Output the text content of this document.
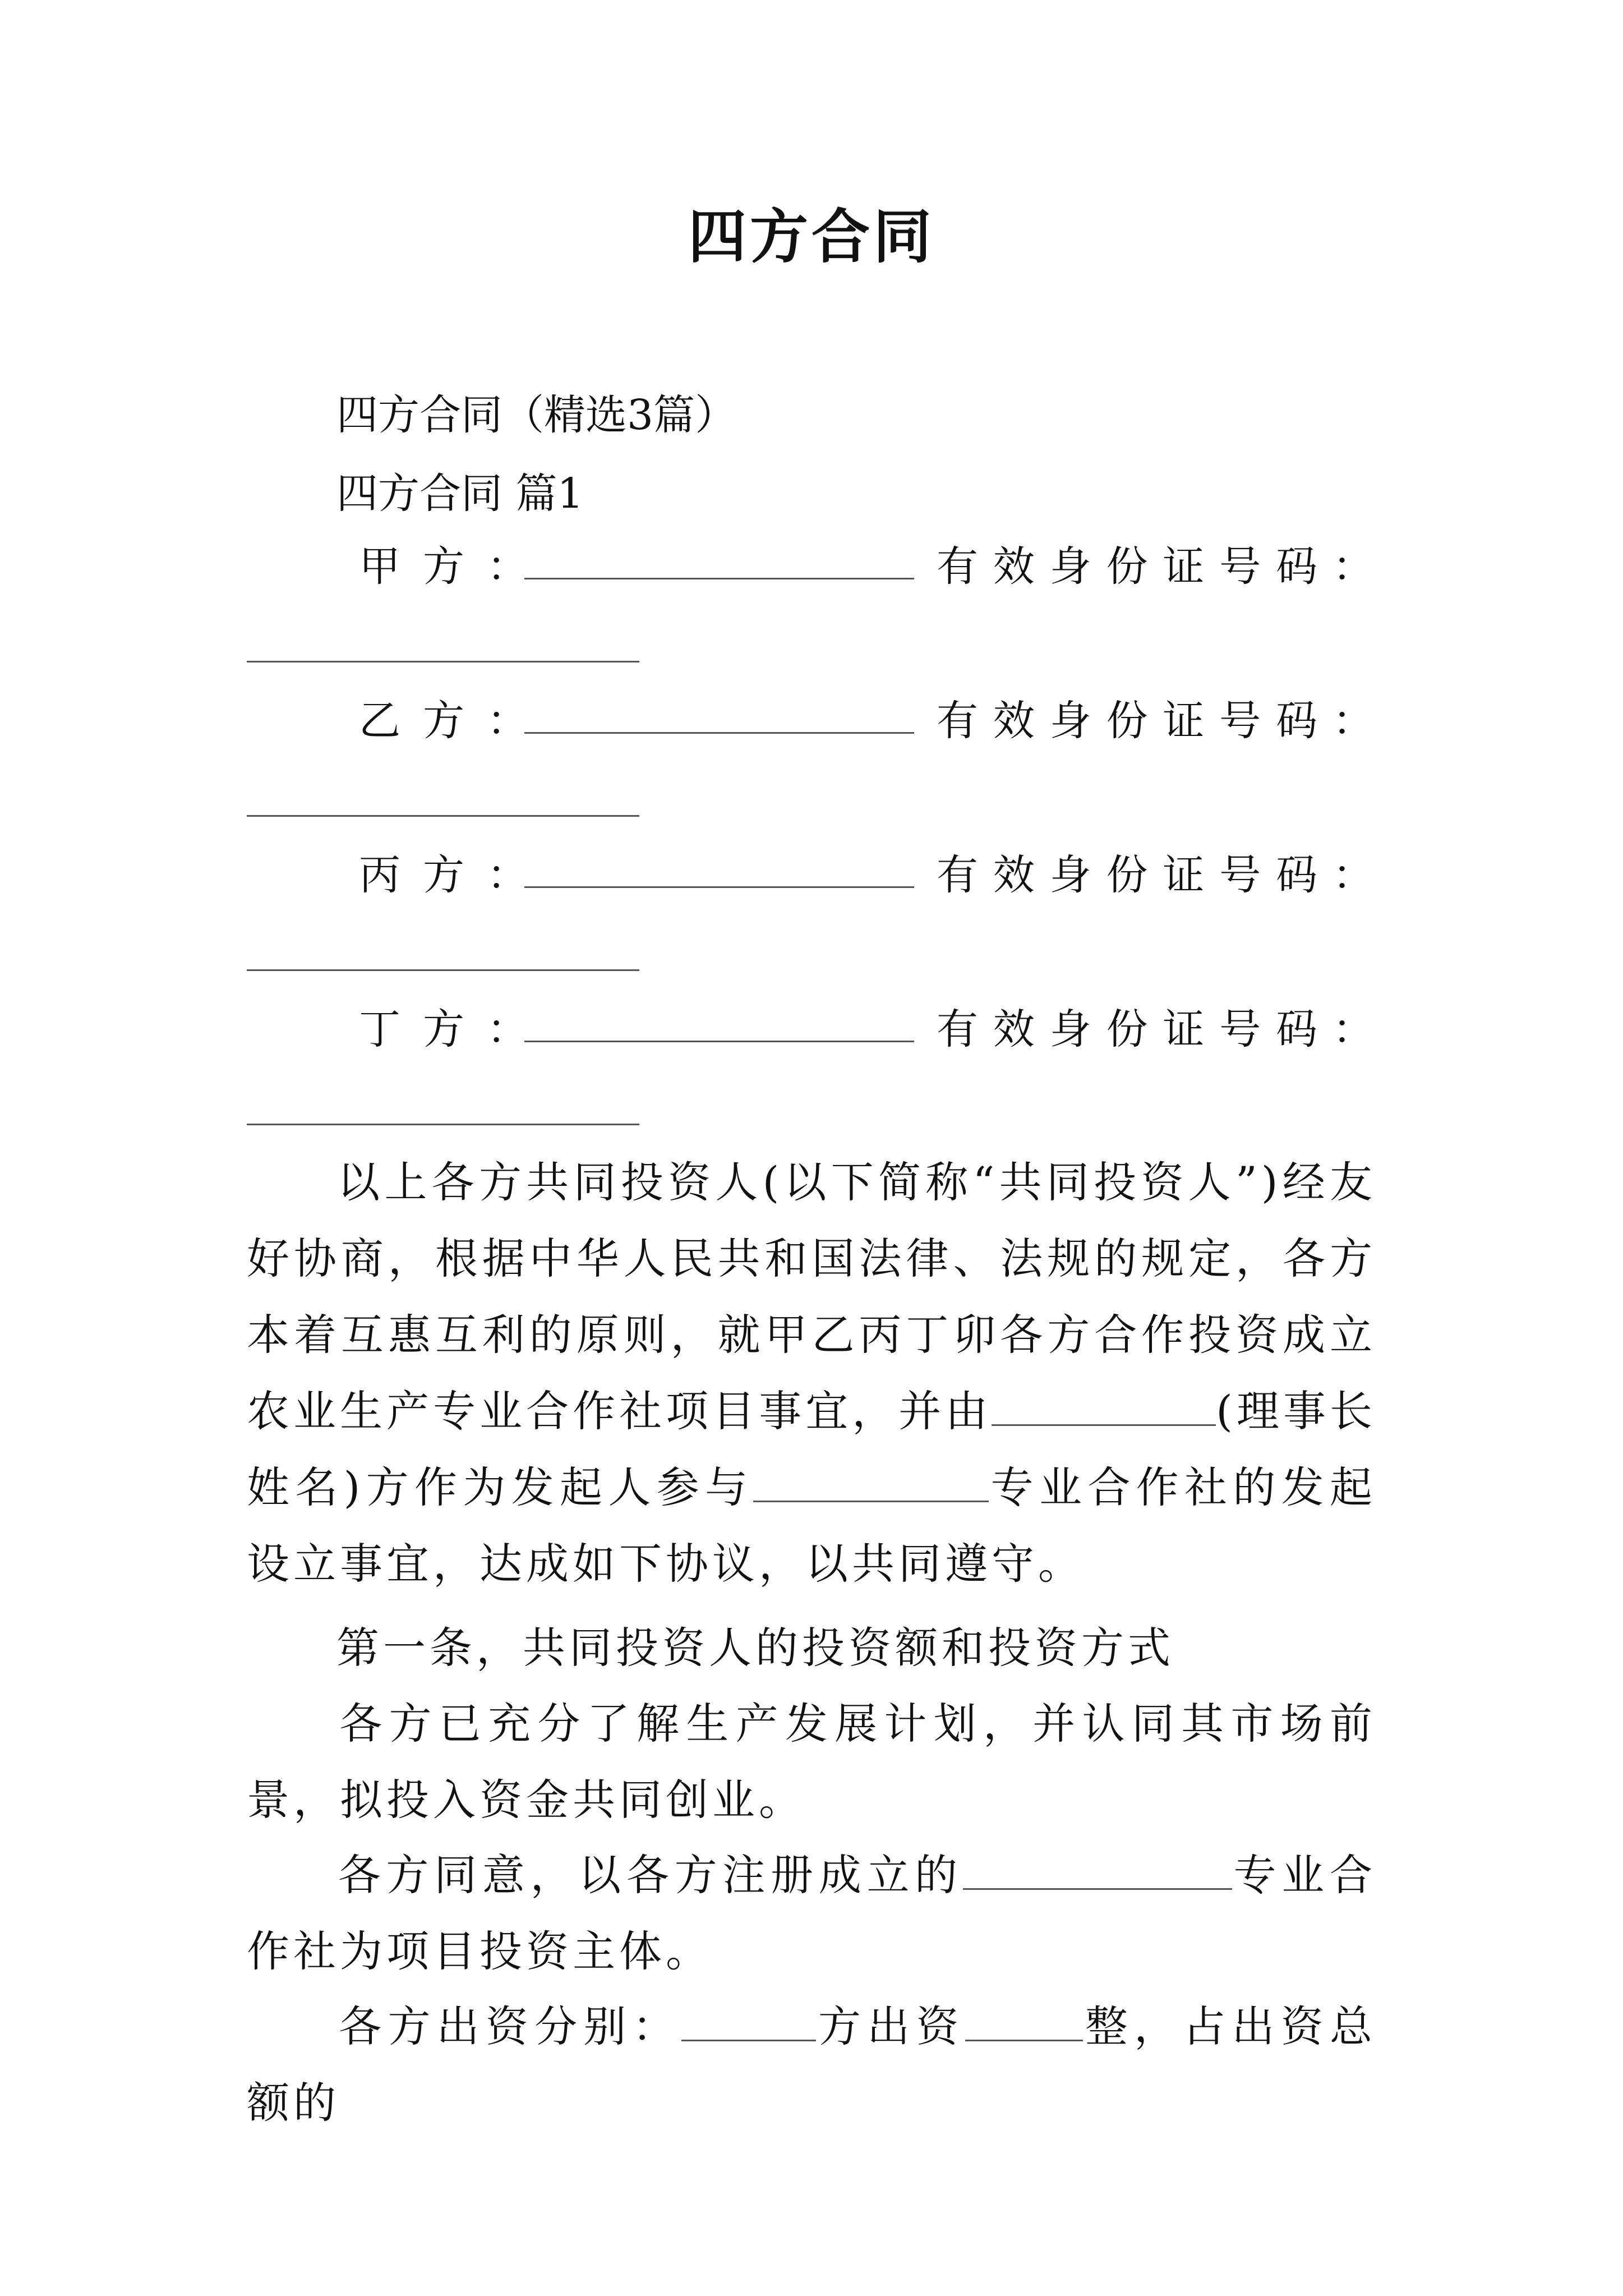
四方合同
四方合同（精选3篇）
四方合同 篇1
甲方：	有 效 身 份 证 号 码 ：
乙方：	有 效 身 份 证 号 码 ：
丙方：	有 效 身 份 证 号 码 ：
丁方：	有 效 身 份 证 号 码 ：
以上各方共同投资人(以下简称“共同投资人”)经友好协商，根据中华人民共和国法律、法规的规定，各方本着互惠互利的原则，就甲乙丙丁卯各方合作投资成立农业生产专业合作社项目事宜，并由	(理事长姓名)方作为发起人参与	专业合作社的发起设立事宜，达成如下协议，以共同遵守。
第一条，共同投资人的投资额和投资方式
各方已充分了解生产发展计划，并认同其市场前景，拟投入资金共同创业。
各方同意，以各方注册成立的	专业合作社为项目投资主体。
各方出资分别：	方出资	整，占出资总额的
